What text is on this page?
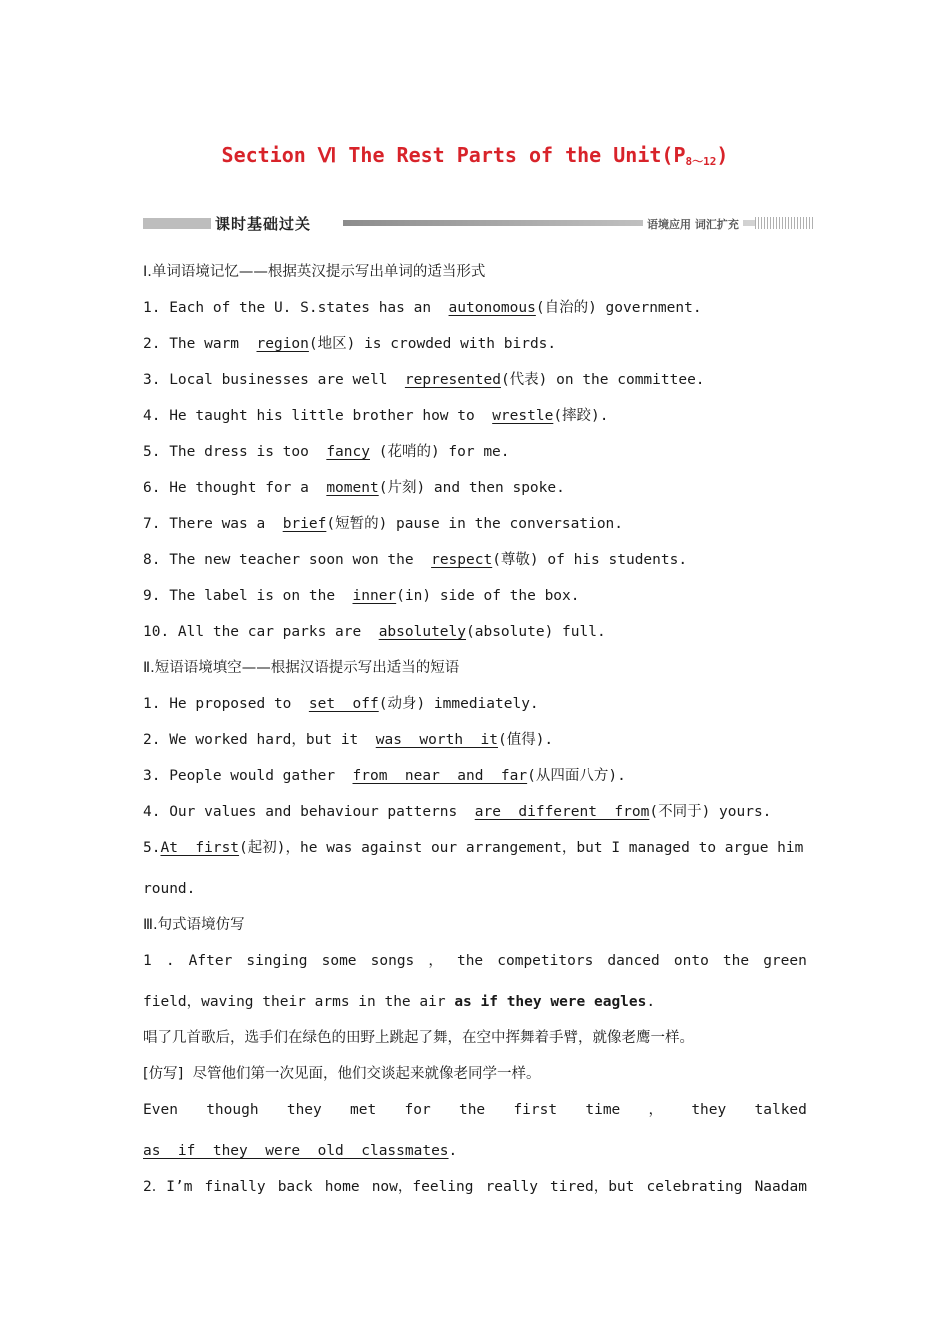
Section Ⅵ The Rest Parts of the $Unit(P_{8\sim 12})$
课时基础过关	语境应用 词汇扩充
Ⅰ.单词语境记忆——根据英汉提示写出单词的适当形式
1. Each of the U. S.states has an  autonomous(自治的) government.
2. The warm  region(地区) is crowded with birds.
3. Local businesses are well  represented(代表) on the committee.
4. He taught his little brother how to  wrestle(摔跤).
5. The dress is too  fancy (花哨的) for me.
6. He thought for a  moment(片刻) and then spoke.
7. There was a  brief(短暂的) pause in the conversation.
8. The new teacher soon won the  respect(尊敬) of his students.
9. The label is on the  inner(in) side of the box.
10. All the car parks are  absolutely(absolute) full.
Ⅱ.短语语境填空——根据汉语提示写出适当的短语
1. He proposed to  set  off(动身) immediately.
2. We worked hard，but it  was  worth  it(值得).
3. People would gather  from  near  and  far(从四面八方).
4. Our values and behaviour patterns  are  different  from(不同于) yours.
5.At  first(起初)，he was against our arrangement，but I managed to argue him
round.
Ⅲ.句式语境仿写
1 . After singing some songs ， the competitors danced onto the green
field，waving their arms in the air as if they were eagles.
唱了几首歌后，选手们在绿色的田野上跳起了舞，在空中挥舞着手臂，就像老鹰一样。
[仿写]  尽管他们第一次见面，他们交谈起来就像老同学一样。
Even though they met for the first time ， they talked
as  if  they  were  old  classmates.
2．I’m finally back home now，feeling really tired，but celebrating Naadam
